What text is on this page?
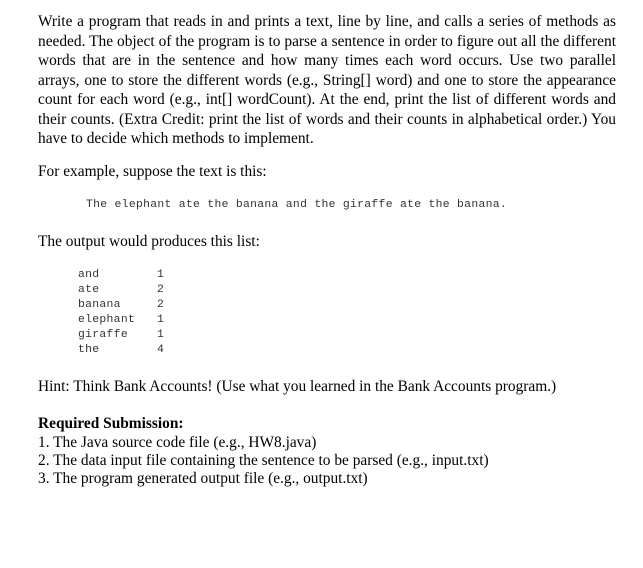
Write a program that reads in and prints a text, line by line, and calls a series of methods as needed. The object of the program is to parse a sentence in order to figure out all the different words that are in the sentence and how many times each word occurs. Use two parallel arrays, one to store the different words (e.g., String[] word) and one to store the appearance count for each word (e.g., int[] wordCount). At the end, print the list of different words and their counts. (Extra Credit: print the list of words and their counts in alphabetical order.) You have to decide which methods to implement.

For example, suppose the text is this:

The elephant ate the banana and the giraffe ate the banana.

The output would produces this list:

and	1
ate	2
banana	2
elephant 1
giraffe	1
the	4

Hint: Think Bank Accounts! (Use what you learned in the Bank Accounts program.)

Required Submission:

1. The Java source code file (e.g., HW8.java)
2. The data input file containing the sentence to be parsed (e.g., input.txt)
3. The program generated output file (e.g., output.txt)
